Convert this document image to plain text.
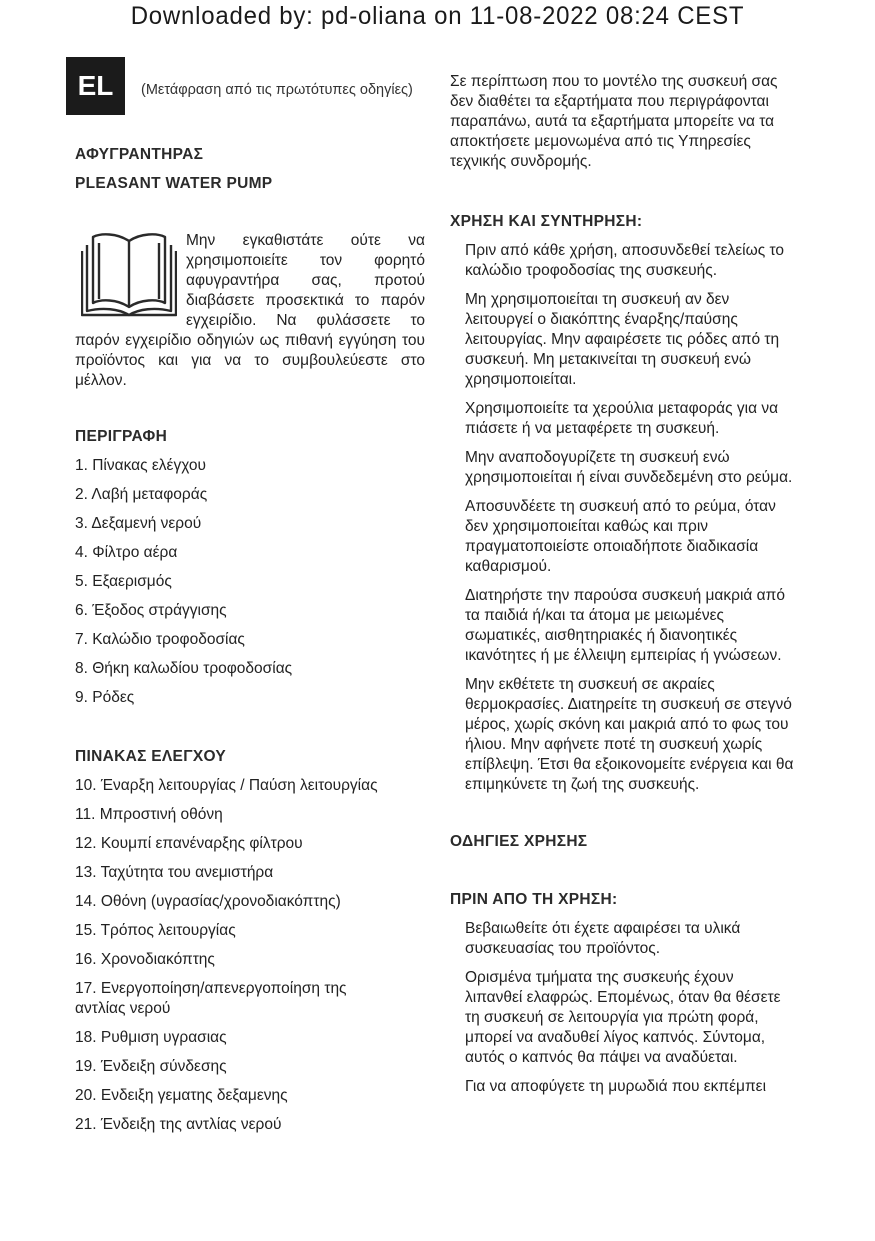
Downloaded by: pd-oliana on 11-08-2022 08:24 CEST
EL	(Μετάφραση από τις πρωτότυπες οδηγίες)
ΑΦΥΓΡΑΝΤΗΡΑΣ
PLEASANT WATER PUMP

Μην εγκαθιστάτε ούτε να χρησιμοποιείτε τον φορητό αφυγραντήρα σας, προτού διαβάσετε προσεκτικά το παρόν εγχειρίδιο. Να φυλάσσετε το παρόν εγχειρίδιο οδηγιών ως πιθανή εγγύηση του προϊόντος και για να το συμβουλεύεστε στο μέλλον.

ΠΕΡΙΓΡΑΦΗ
1. Πίνακας ελέγχου
2. Λαβή μεταφοράς
3. Δεξαμενή νερού
4. Φίλτρο αέρα
5. Εξαερισμός
6. Έξοδος στράγγισης
7. Καλώδιο τροφοδοσίας
8. Θήκη καλωδίου τροφοδοσίας
9. Ρόδες
ΠΙΝΑΚΑΣ ΕΛΕΓΧΟΥ
10. Έναρξη λειτουργίας / Παύση λειτουργίας
11. Μπροστινή οθόνη
12. Κουμπί επανέναρξης φίλτρου
13. Ταχύτητα του ανεμιστήρα
14. Οθόνη (υγρασίας/χρονοδιακόπτης)
15. Τρόπος λειτουργίας
16. Χρονοδιακόπτης
17. Ενεργοποίηση/απενεργοποίηση της αντλίας νερού
18. Ρυθμιση υγρασιας
19. Ένδειξη σύνδεσης
20. Ενδειξη γεματης δεξαμενης
21. Ένδειξη της αντλίας νερού

Σε περίπτωση που το μοντέλο της συσκευή σας δεν διαθέτει τα εξαρτήματα που περιγράφονται παραπάνω, αυτά τα εξαρτήματα μπορείτε να τα αποκτήσετε μεμονωμένα από τις Υπηρεσίες τεχνικής συνδρομής.

ΧΡΗΣΗ ΚΑΙ ΣΥΝΤΗΡΗΣΗ:

Πριν από κάθε χρήση, αποσυνδεθεί τελείως το καλώδιο τροφοδοσίας της συσκευής.

Μη χρησιμοποιείται τη συσκευή αν δεν λειτουργεί ο διακόπτης έναρξης/παύσης λειτουργίας. Μην αφαιρέσετε τις ρόδες από τη συσκευή. Μη μετακινείται τη συσκευή ενώ χρησιμοποιείται.

Χρησιμοποιείτε τα χερούλια μεταφοράς για να πιάσετε ή να μεταφέρετε τη συσκευή.

Μην αναποδογυρίζετε τη συσκευή ενώ χρησιμοποιείται ή είναι συνδεδεμένη στο ρεύμα.

Αποσυνδέετε τη συσκευή από το ρεύμα, όταν δεν χρησιμοποιείται καθώς και πριν πραγματοποιείστε οποιαδήποτε διαδικασία καθαρισμού.

Διατηρήστε την παρούσα συσκευή μακριά από τα παιδιά ή/και τα άτομα με μειωμένες σωματικές, αισθητηριακές ή διανοητικές ικανότητες ή με έλλειψη εμπειρίας ή γνώσεων.

Μην εκθέτετε τη συσκευή σε ακραίες θερμοκρασίες. Διατηρείτε τη συσκευή σε στεγνό μέρος, χωρίς σκόνη και μακριά από το φως του ήλιου. Μην αφήνετε ποτέ τη συσκευή χωρίς επίβλεψη. Έτσι θα εξοικονομείτε ενέργεια και θα επιμηκύνετε τη ζωή της συσκευής.

ΟΔΗΓΙΕΣ ΧΡΗΣΗΣ
ΠΡΙΝ ΑΠΟ ΤΗ ΧΡΗΣΗ:

Βεβαιωθείτε ότι έχετε αφαιρέσει τα υλικά συσκευασίας του προϊόντος.

Ορισμένα τμήματα της συσκευής έχουν λιπανθεί ελαφρώς. Επομένως, όταν θα θέσετε τη συσκευή σε λειτουργία για πρώτη φορά, μπορεί να αναδυθεί λίγος καπνός. Σύντομα, αυτός ο καπνός θα πάψει να αναδύεται.

Για να αποφύγετε τη μυρωδιά που εκπέμπει
